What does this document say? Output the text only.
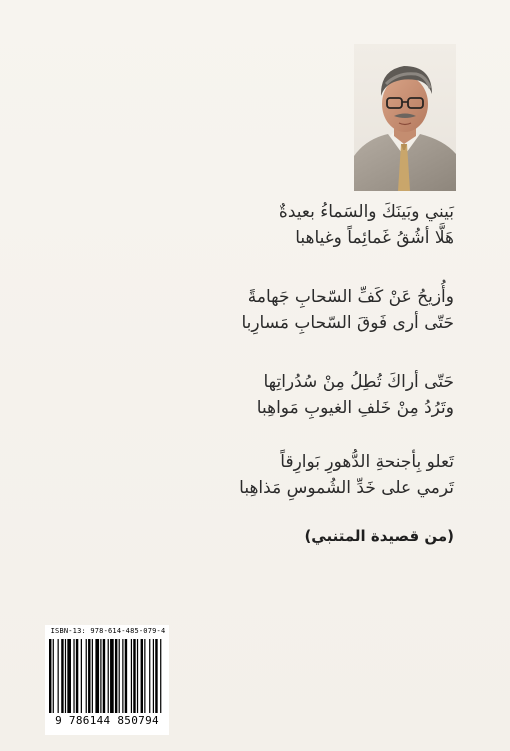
بَيني وبَينَكَ والسَماءُ بعيدةٌ
هَلَّا أشُقُ غَمائِماً وغياهبا
وأُزيحُ عَنْ كَفِّ السّحابِ جَهامةً
حَتّى أرى فَوقَ السّحابِ مَسارِبا
حَتّى أراكَ تُطِلُ مِنْ سُدُراتِها
وتَرُدُ مِنْ خَلفِ الغيوبِ مَواهِبا
تَعلو بِأجنحةِ الدُّهورِ بَوارِقاً
تَرمي على خَدِّ الشُموسِ مَذاهِبا
(من قصيدة المتنبي)
ISBN-13: 978-614-485-079-4
9 786144 850794
